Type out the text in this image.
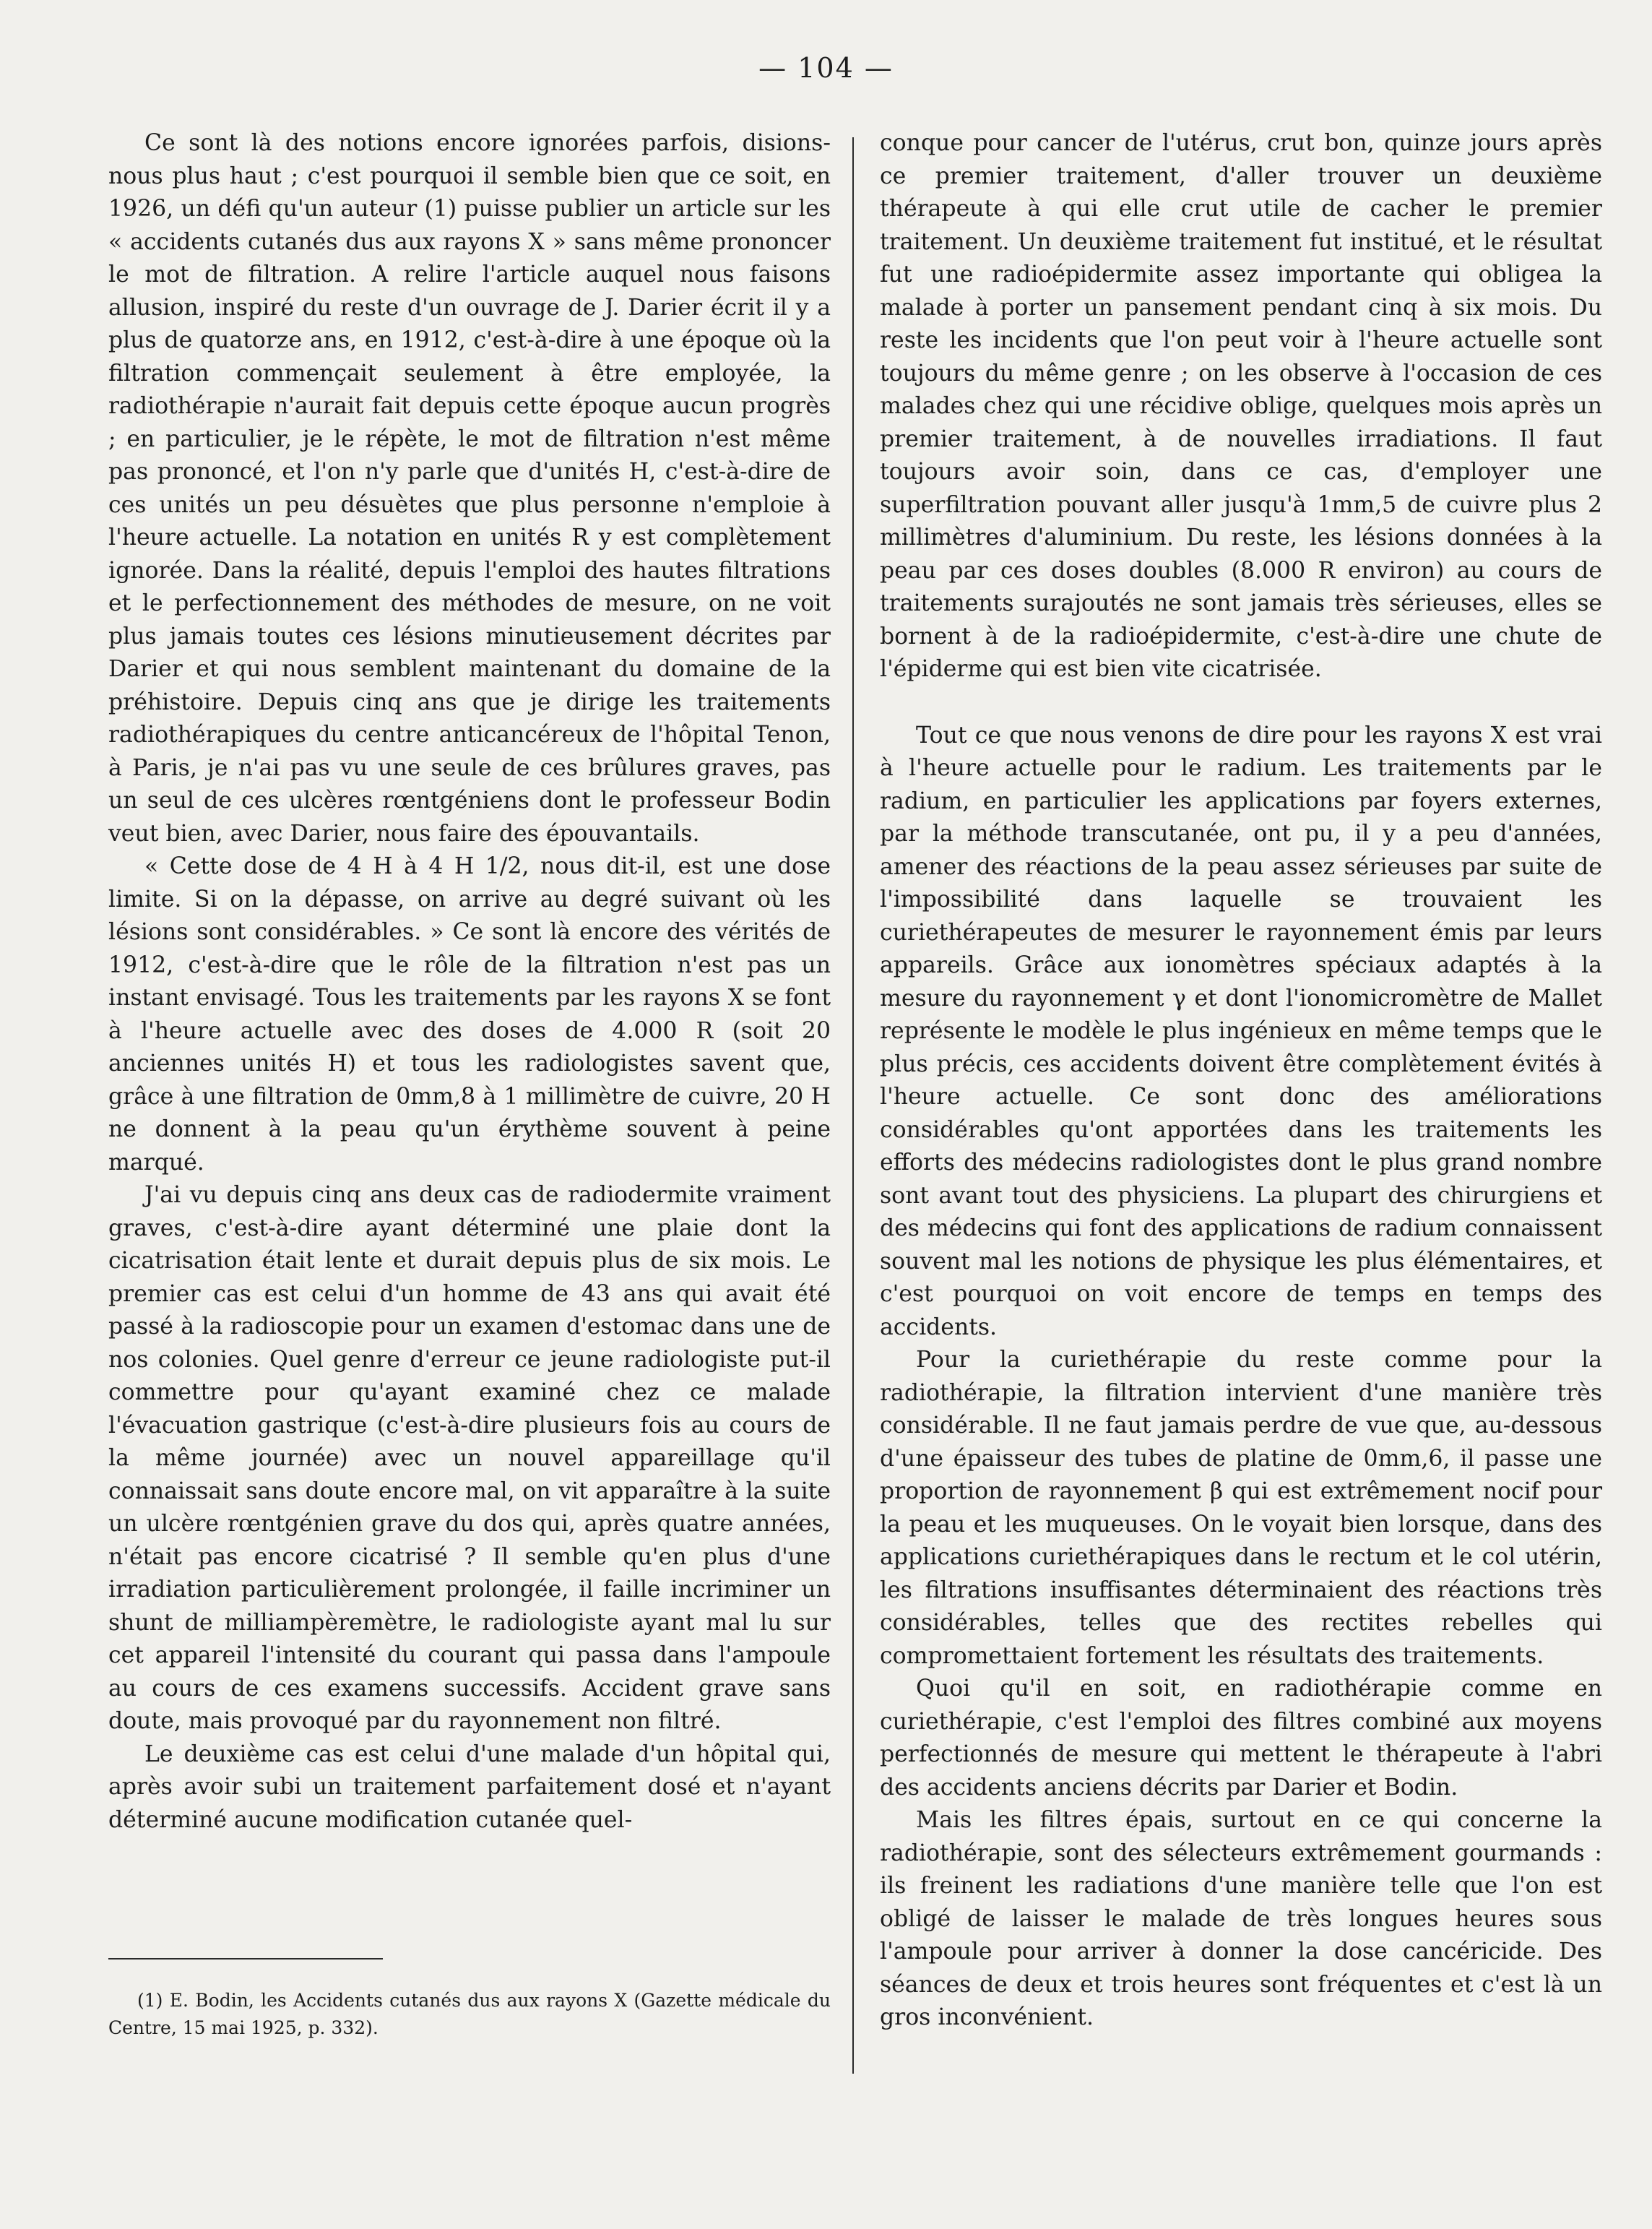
— 104 —

Ce sont là des notions encore ignorées parfois, disions-nous plus haut ; c'est pourquoi il semble bien que ce soit, en 1926, un défi qu'un auteur (1) puisse publier un article sur les « accidents cutanés dus aux rayons X » sans même prononcer le mot de filtration. A relire l'article auquel nous faisons allusion, inspiré du reste d'un ouvrage de J. Darier écrit il y a plus de quatorze ans, en 1912, c'est-à-dire à une époque où la filtration commençait seulement à être employée, la radiothérapie n'aurait fait depuis cette époque aucun progrès ; en particulier, je le répète, le mot de filtration n'est même pas prononcé, et l'on n'y parle que d'unités H, c'est-à-dire de ces unités un peu désuètes que plus personne n'emploie à l'heure actuelle. La notation en unités R y est complètement ignorée. Dans la réalité, depuis l'emploi des hautes filtrations et le perfectionnement des méthodes de mesure, on ne voit plus jamais toutes ces lésions minutieusement décrites par Darier et qui nous semblent maintenant du domaine de la préhistoire. Depuis cinq ans que je dirige les traitements radiothérapiques du centre anticancéreux de l'hôpital Tenon, à Paris, je n'ai pas vu une seule de ces brûlures graves, pas un seul de ces ulcères rœntgéniens dont le professeur Bodin veut bien, avec Darier, nous faire des épouvantails.

« Cette dose de 4 H à 4 H 1/2, nous dit-il, est une dose limite. Si on la dépasse, on arrive au degré suivant où les lésions sont considérables. » Ce sont là encore des vérités de 1912, c'est-à-dire que le rôle de la filtration n'est pas un instant envisagé. Tous les traitements par les rayons X se font à l'heure actuelle avec des doses de 4.000 R (soit 20 anciennes unités H) et tous les radiologistes savent que, grâce à une filtration de 0mm,8 à 1 millimètre de cuivre, 20 H ne donnent à la peau qu'un érythème souvent à peine marqué.

J'ai vu depuis cinq ans deux cas de radiodermite vraiment graves, c'est-à-dire ayant déterminé une plaie dont la cicatrisation était lente et durait depuis plus de six mois. Le premier cas est celui d'un homme de 43 ans qui avait été passé à la radioscopie pour un examen d'estomac dans une de nos colonies. Quel genre d'erreur ce jeune radiologiste put-il commettre pour qu'ayant examiné chez ce malade l'évacuation gastrique (c'est-à-dire plusieurs fois au cours de la même journée) avec un nouvel appareillage qu'il connaissait sans doute encore mal, on vit apparaître à la suite un ulcère rœntgénien grave du dos qui, après quatre années, n'était pas encore cicatrisé ? Il semble qu'en plus d'une irradiation particulièrement prolongée, il faille incriminer un shunt de milliampèremètre, le radiologiste ayant mal lu sur cet appareil l'intensité du courant qui passa dans l'ampoule au cours de ces examens successifs. Accident grave sans doute, mais provoqué par du rayonnement non filtré.

Le deuxième cas est celui d'une malade d'un hôpital qui, après avoir subi un traitement parfaitement dosé et n'ayant déterminé aucune modification cutanée quel-

conque pour cancer de l'utérus, crut bon, quinze jours après ce premier traitement, d'aller trouver un deuxième thérapeute à qui elle crut utile de cacher le premier traitement. Un deuxième traitement fut institué, et le résultat fut une radioépidermite assez importante qui obligea la malade à porter un pansement pendant cinq à six mois. Du reste les incidents que l'on peut voir à l'heure actuelle sont toujours du même genre ; on les observe à l'occasion de ces malades chez qui une récidive oblige, quelques mois après un premier traitement, à de nouvelles irradiations. Il faut toujours avoir soin, dans ce cas, d'employer une superfiltration pouvant aller jusqu'à 1mm,5 de cuivre plus 2 millimètres d'aluminium. Du reste, les lésions données à la peau par ces doses doubles (8.000 R environ) au cours de traitements surajoutés ne sont jamais très sérieuses, elles se bornent à de la radioépidermite, c'est-à-dire une chute de l'épiderme qui est bien vite cicatrisée.

Tout ce que nous venons de dire pour les rayons X est vrai à l'heure actuelle pour le radium. Les traitements par le radium, en particulier les applications par foyers externes, par la méthode transcutanée, ont pu, il y a peu d'années, amener des réactions de la peau assez sérieuses par suite de l'impossibilité dans laquelle se trouvaient les curiethérapeutes de mesurer le rayonnement émis par leurs appareils. Grâce aux ionomètres spéciaux adaptés à la mesure du rayonnement γ et dont l'ionomicromètre de Mallet représente le modèle le plus ingénieux en même temps que le plus précis, ces accidents doivent être complètement évités à l'heure actuelle. Ce sont donc des améliorations considérables qu'ont apportées dans les traitements les efforts des médecins radiologistes dont le plus grand nombre sont avant tout des physiciens. La plupart des chirurgiens et des médecins qui font des applications de radium connaissent souvent mal les notions de physique les plus élémentaires, et c'est pourquoi on voit encore de temps en temps des accidents.

Pour la curiethérapie du reste comme pour la radiothérapie, la filtration intervient d'une manière très considérable. Il ne faut jamais perdre de vue que, au-dessous d'une épaisseur des tubes de platine de 0mm,6, il passe une proportion de rayonnement β qui est extrêmement nocif pour la peau et les muqueuses. On le voyait bien lorsque, dans des applications curiethérapiques dans le rectum et le col utérin, les filtrations insuffisantes déterminaient des réactions très considérables, telles que des rectites rebelles qui compromettaient fortement les résultats des traitements.

Quoi qu'il en soit, en radiothérapie comme en curiethérapie, c'est l'emploi des filtres combiné aux moyens perfectionnés de mesure qui mettent le thérapeute à l'abri des accidents anciens décrits par Darier et Bodin.

Mais les filtres épais, surtout en ce qui concerne la radiothérapie, sont des sélecteurs extrêmement gourmands : ils freinent les radiations d'une manière telle que l'on est obligé de laisser le malade de très longues heures sous l'ampoule pour arriver à donner la dose cancéricide. Des séances de deux et trois heures sont fréquentes et c'est là un gros inconvénient.

(1) E. Bodin, les Accidents cutanés dus aux rayons X (Gazette médicale du Centre, 15 mai 1925, p. 332).
